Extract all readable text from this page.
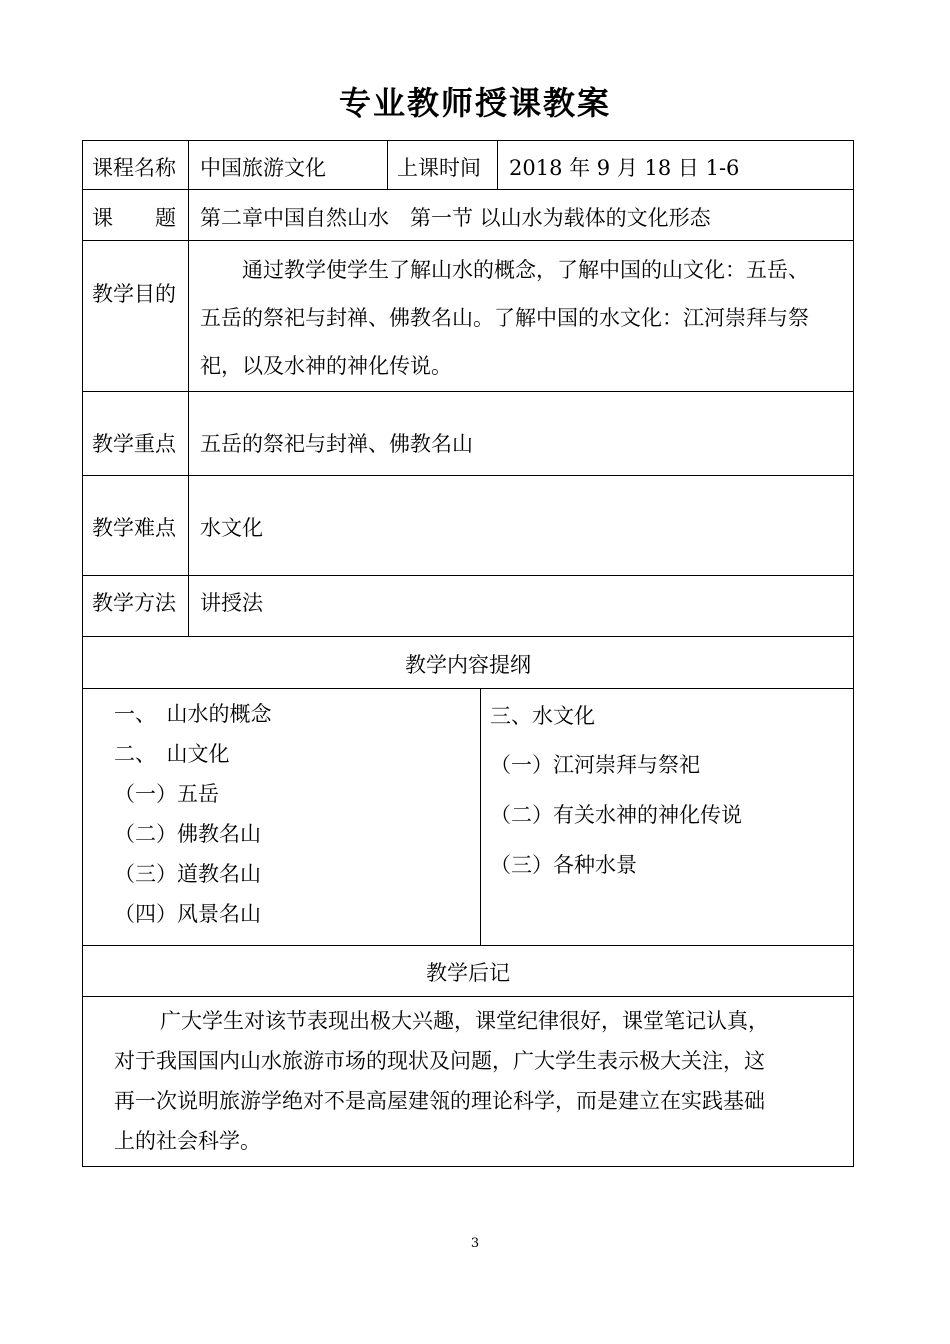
专业教师授课教案
课程名称 中国旅游文化	上课时间 2018 年 9 月 18 日 1-6
课　　题 第二章中国自然山水　第一节 以山水为载体的文化形态
教学目的
通过教学使学生了解山水的概念，了解中国的山文化：五岳、
五岳的祭祀与封禅、佛教名山。了解中国的水文化：江河崇拜与祭
祀，以及水神的神化传说。
教学重点 五岳的祭祀与封禅、佛教名山
教学难点 水文化
教学方法 讲授法
教学内容提纲
一、　山水的概念
二、　山文化
（一）五岳
（二）佛教名山
（三）道教名山
（四）风景名山
三、水文化
（一）江河崇拜与祭祀
（二）有关水神的神化传说
（三）各种水景
教学后记
广大学生对该节表现出极大兴趣，课堂纪律很好，课堂笔记认真，
对于我国国内山水旅游市场的现状及问题，广大学生表示极大关注，这
再一次说明旅游学绝对不是高屋建瓴的理论科学，而是建立在实践基础
上的社会科学。
3
